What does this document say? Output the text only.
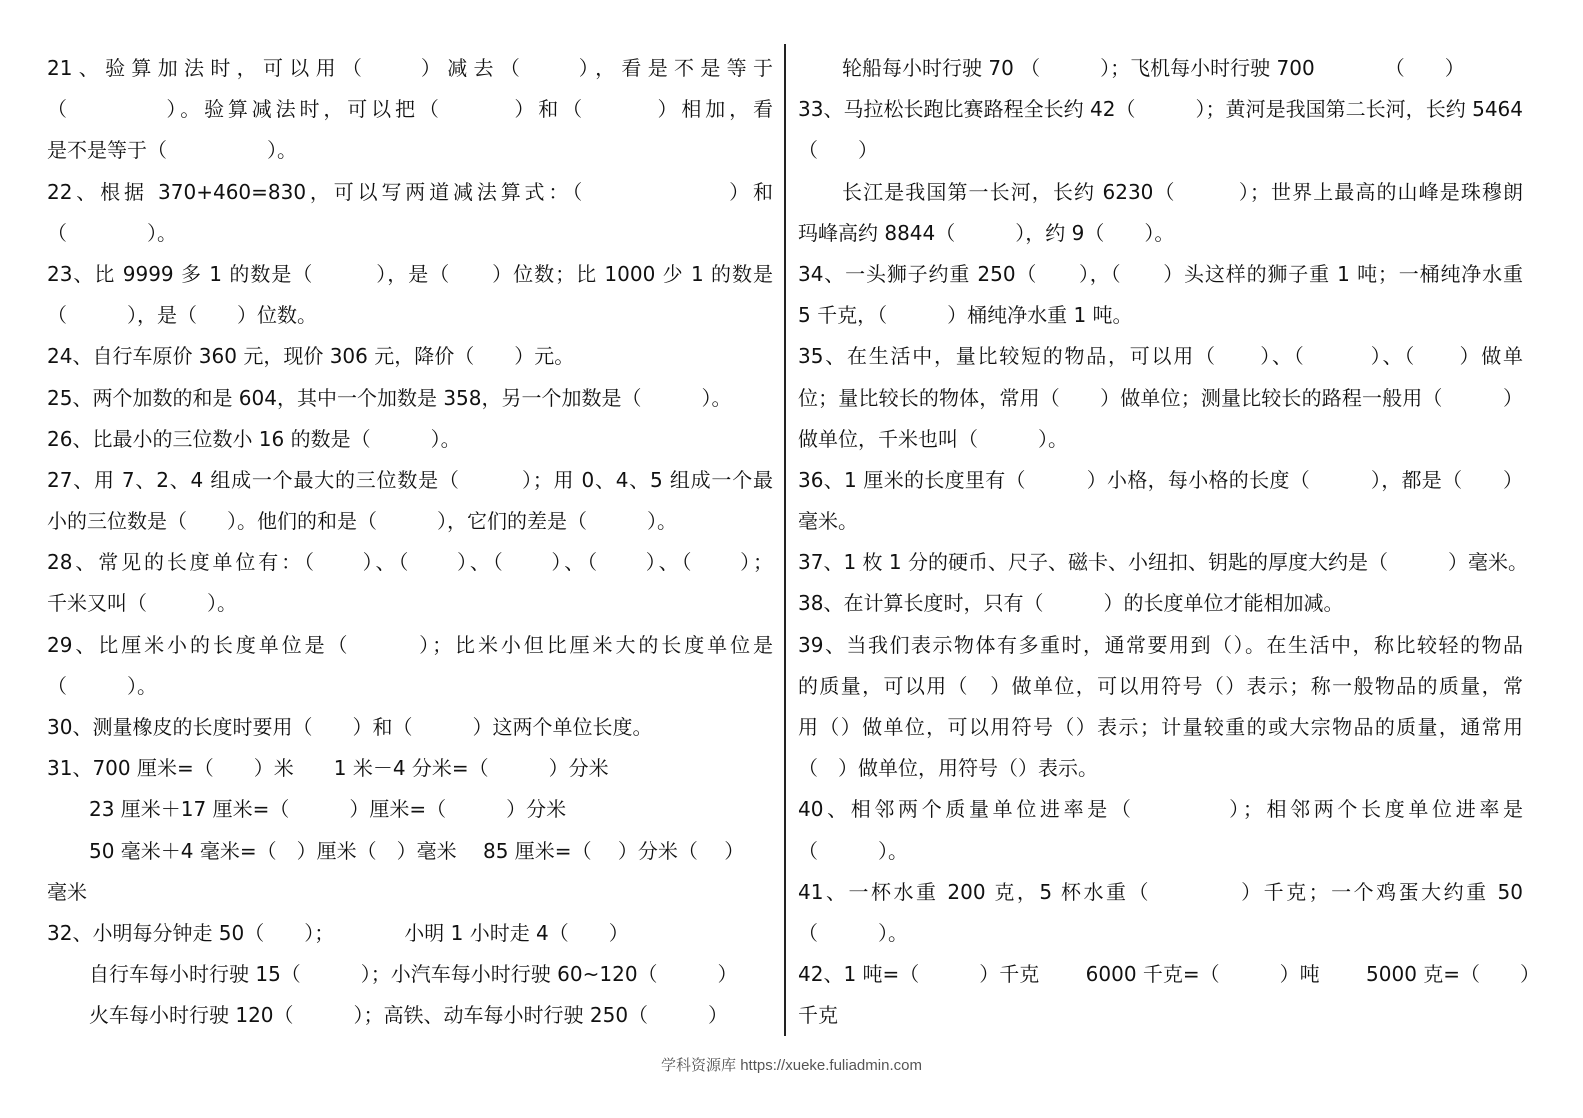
21、验算加法时，可以用（　　）减去（　　），看是不是等于
（　　　　）。验算减法时，可以把（　　　）和（　　　）相加，看
是不是等于（　　　　　）。
22、根据 370+460=830，可以写两道减法算式：（　　　　　　）和
（　　　　）。
23、比 9999 多 1 的数是（　　　），是（　　）位数；比 1000 少 1 的数是
（　　　），是（　　）位数。
24、自行车原价 360 元，现价 306 元，降价（　　）元。
25、两个加数的和是 604，其中一个加数是 358，另一个加数是（　　　）。
26、比最小的三位数小 16 的数是（　　　）。
27、用 7、2、4 组成一个最大的三位数是（　　　）；用 0、4、5 组成一个最
小的三位数是（　　）。他们的和是（　　　），它们的差是（　　　）。
28、常见的长度单位有：（　　）、（　　）、（　　）、（　　）、（　　）；
千米又叫（　　　）。
29、比厘米小的长度单位是（　　　）；比米小但比厘米大的长度单位是
（　　　）。
30、测量橡皮的长度时要用（　　）和（　　　）这两个单位长度。
31、700 厘米=（　　）米　　1 米－4 分米=（　　　）分米
23 厘米＋17 厘米=（　　　）厘米=（　　　）分米
50 毫米＋4 毫米=（　）厘米（　）毫米　 85 厘米=（　 ）分米（　 ）
毫米
32、小明每分钟走 50（　　）；　　　　小明 1 小时走 4（　　）
自行车每小时行驶 15（　　　）；小汽车每小时行驶 60~120（　　　）
火车每小时行驶 120（　　　）；高铁、动车每小时行驶 250（　　　）
轮船每小时行驶 70 （　　　）；飞机每小时行驶 700　　　　（　　）
33、马拉松长跑比赛路程全长约 42（　　　）；黄河是我国第二长河，长约 5464
（　　）
长江是我国第一长河，长约 6230（　　　）；世界上最高的山峰是珠穆朗
玛峰高约 8844（　　　），约 9（　　）。
34、一头狮子约重 250（　　），（　　）头这样的狮子重 1 吨；一桶纯净水重
5 千克，（　　　）桶纯净水重 1 吨。
35、在生活中，量比较短的物品，可以用（　　）、（　　　）、（　　）做单
位；量比较长的物体，常用（　　）做单位；测量比较长的路程一般用（　　　）
做单位，千米也叫（　　　）。
36、1 厘米的长度里有（　　　）小格，每小格的长度（　　　），都是（　　）
毫米。
37、1 枚 1 分的硬币、尺子、磁卡、小纽扣、钥匙的厚度大约是（　　　）毫米。
38、在计算长度时，只有（　　　）的长度单位才能相加减。
39、当我们表示物体有多重时，通常要用到（）。在生活中，称比较轻的物品
的质量，可以用（　）做单位，可以用符号（）表示；称一般物品的质量，常
用（）做单位，可以用符号（）表示；计量较重的或大宗物品的质量，通常用
（　）做单位，用符号（）表示。
40、相邻两个质量单位进率是（　　　　）；相邻两个长度单位进率是
（　　　）。
41、一杯水重 200 克，5 杯水重（　　　　）千克；一个鸡蛋大约重 50
（　　　）。
42、1 吨=（　　　）千克　　 6000 千克=（　　　）吨　　 5000 克=（　　）
千克
学科资源库 https://xueke.fuliadmin.com
